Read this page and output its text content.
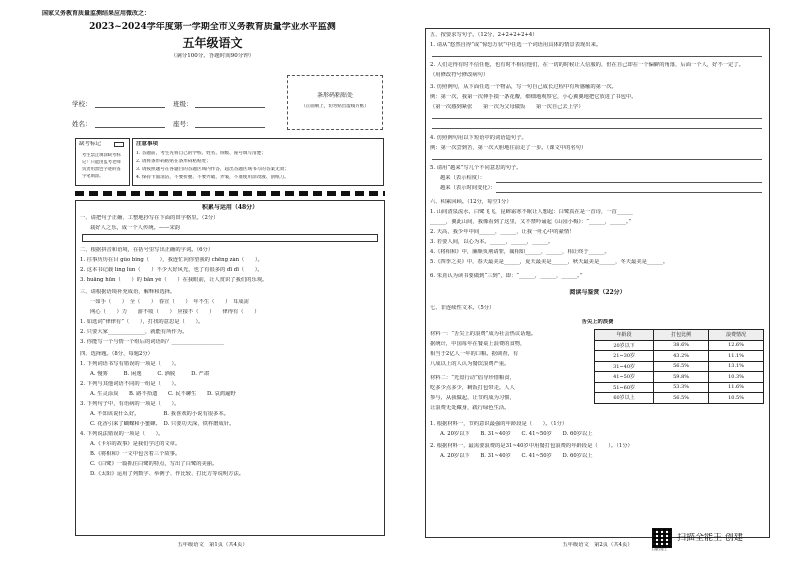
国家义务教育质量监测结果应用微改之：
2023~2024学年度第一学期全市义务教育质量学业水平监测
五年级语文
（满分100分，答题时间90分钟）
条形码粘贴处
（正面朝上，切勿贴出虚线方框）
学校：	班级：
姓名：	座号：
缺考标记
考生禁止填涂缺考标
记！只能由监考老师
负责用黑色字迹的签
字笔填涂。
注意事项
1. 答题前，考生先将自己的学校、姓名、班级、座号填写清楚；
2. 请将条形码粘贴在条形码粘贴处；
3. 请按照题号在各题目的答题区域内作答，超出答题区域书写的答案无效；
4. 保持卡面清洁，不要折叠、不要弄破、弄皱，不准使用涂改液、刮纸刀。
积累与运用（48分）
一、请把句子正确、工整地抄写在下面的田字格里。（2分）
栽好人之乐，成一个人传统。——宋韵
二、根据拼音和语境，在括号里写出正确的字词。（6分）
1. 往事历历在目 gǔo bǐng（　　），我连忙向你望我的 chēng zàn（　　）。
2. 这本书记载 líng lùn（　　）不少大好风光，也了有很多的 dī dī（　　）。
3. huāng hūn（　　）的 bān yé（　　）在我眼前，让人赏识了我们的乐观。
三、请根据语境补充成语，解释和选择。
一如手（　　）　全（　　）　春宣（　　）　年不生（　　）　耳成需
网心（　　）力　　游不收（　　）　应接不（　　）　　律得有（　　）
1. 如选词“律律有”（　　），打找的意思是（　　）。
2. 只要大家______________，就能有所作为。
3. 你能写一个与情一个组后的词语吗？____________________
四、选择题。（8分，每题2分）
1. 下列词语书写有错误的一项是（　　）。
A. 慢雾　　　B. 闲逸　　　C. 洒脱　　　D. 严肃
2. 下列与其他词语不同的一组是（　　）。
A. 生灵涂炭　　B. 路不拾遗　　C. 民不聊生　　D. 哀鸿遍野
3. 下列句子中，有语病的一项是（　　）。
A. 不知该说什么好。　　　　　B. 我喜欢的小说有很多本。
C. 花香引来了蝴蝶和小蜜蜂。　D. 只要功夫深，铁杵磨成针。
4. 下列说法错误的一项是（　　）。
A.《卡尔的故事》是我们学过的文章。
B.《将相和》一文中包含着三个故事。
C.《白鹭》一篇抓住白鹭的特点，写出了白鹭的美丽。
D.《太阳》运用了列数字、举例子、作比较、打比方等说明方法。
五年级语文　第1页（共4页）
五、按要求写句子。（12分，2+2+2+2+4）
1. 请从“悠然自得”或“惊恐万状”中任选一个词语用具体的情景表现出来。
2. 人们走得有时不信任他，也有时不相信他们，在一切的时候让人信服的，但在自己却在一个偏僻的角落，后面一个人，好不一定了。
（用修改符号修改病句）
3. 仿照例句，从下面任选一个物品，写一句自己成长过程中有所感触的第一次。
例：第一次，我第一次伸手摸一条花瓣，细细地观察它，小心翼翼地把它放进了书包中。
（第一次感到紧张　　第一次为父母做饭　　第一次自己去上学）
4. 仿照例句用以下短语中的词语造句子。
例：第一次尝到苦，第一次大胆地往前走了一步。（课文中的名句）
5. 请用“越来”写几个不同意思的句子。
越来（表示程度）：
越来（表示时间变化）：
六、积累回顾。（12分，每空1分）
1. 山间清泉流水，白鹭飞飞，昆蟀霜寒不眠让人想起：白鹭真在是一首诗，一首______
______，翼此山间，我像看到了这里，又不禁吟诵起《山园小梅》：“______，______。”
2. 天高，我少年中间______，______，让我一吐心中的豪情！
3. 若要人间，以心为本。______，______，______。
4.《将相和》中，廉颇负荆请罪，蔺相如______，______，相让终于______。
5.《四季之美》中，春天最美是______，夏天最美是______，秋天最美是______，冬天最美是______。
6. 朱熹认为读书要做到“三到”，即：“______，______，______。”
阅读与鉴赏（22分）
七、非连续性文本。（5分）
舌尖上的浪费
材料一：“舌尖上的浪费”成为社会热议话题。
据统计，中国每年在餐桌上浪费的食物，
相当于2亿人一年的口粮。据调查，有
八成以上的人认为餐饮浪费严重。
材料二：“光盘行动”倡导珍惜粮食，
吃多少点多少，剩饭打包带走。人人
参与，从我做起，让节约成为习惯，
让浪费无处藏身，践行绿色生活。
年龄段	打包比例	浪费情况
20岁以下	38.6%	12.6%
21~30岁	43.2%	11.1%
31~40岁	56.5%	13.1%
41~50岁	59.8%	10.3%
51~60岁	53.3%	11.6%
60岁以上	56.5%	10.5%
1. 根据材料一，节约意识最强的年龄段是（　　）。（1分）
A. 20岁以下　　B. 31~40岁　　C. 41~50岁　　D. 60岁以上
2. 根据材料一，最需要浪费的是31~40岁中用餐打包浪费的年龄段是（　　）。（1分）
A. 20岁以下　　B. 31~40岁　　C. 41~50岁　　D. 60岁以上
五年级语文　第2页（共4页）
扫描全能王
扫描全能王 创建
